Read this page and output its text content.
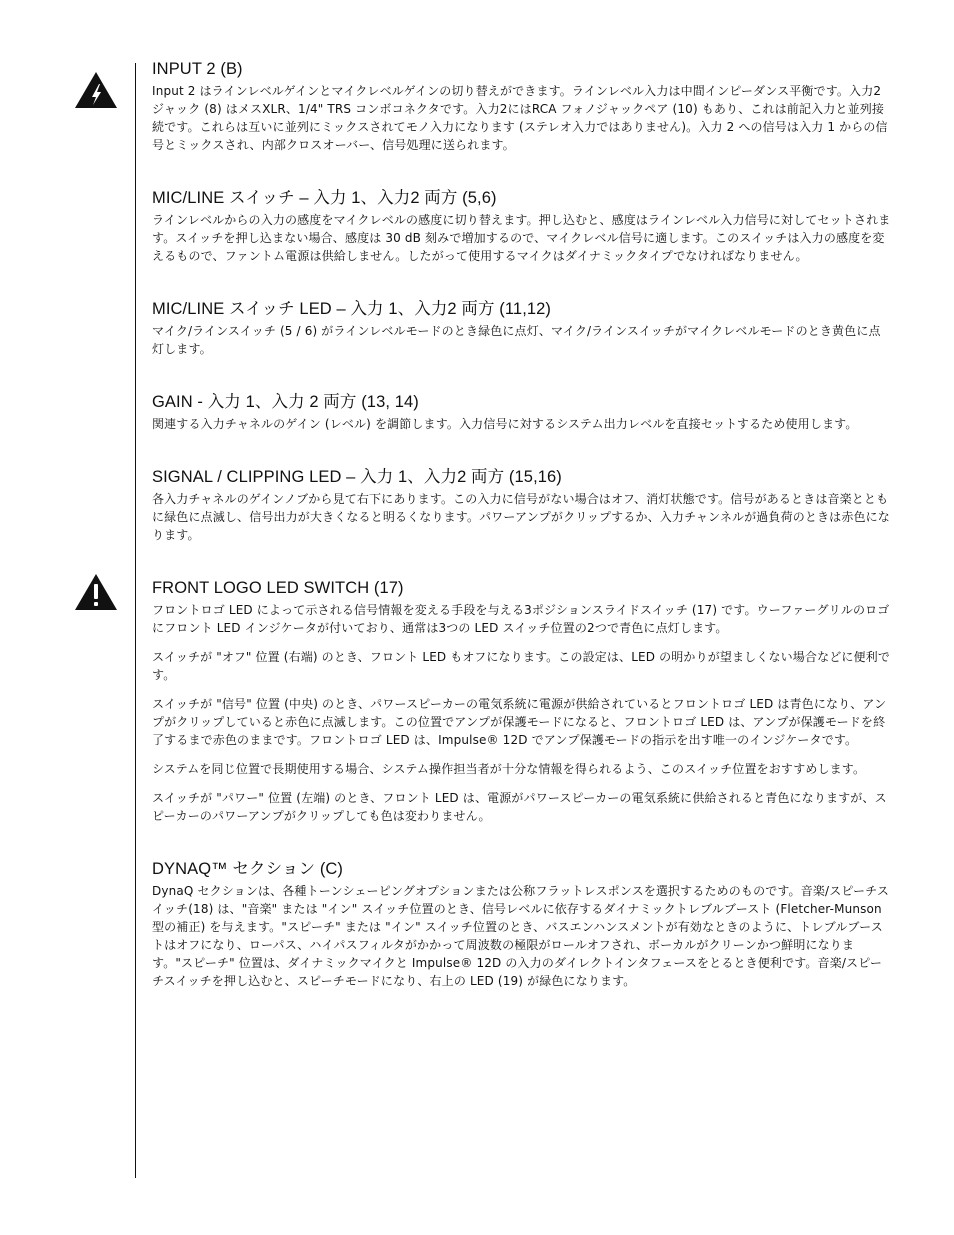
INPUT 2 (B)

Input 2 はラインレベルゲインとマイクレベルゲインの切り替えができます。ラインレベル入力は中間インピーダンス平衡です。入力2ジャック (8) はメスXLR、1/4" TRS コンボコネクタです。入力2にはRCA フォノジャックペア (10) もあり、これは前記入力と並列接続です。これらは互いに並列にミックスされてモノ入力になります (ステレオ入力ではありません)。入力 2 への信号は入力 1 からの信号とミックスされ、内部クロスオーバー、信号処理に送られます。

MIC/LINE スイッチ – 入力 1、入力2 両方 (5,6)

ラインレベルからの入力の感度をマイクレベルの感度に切り替えます。押し込むと、感度はラインレベル入力信号に対してセットされます。スイッチを押し込まない場合、感度は 30 dB 刻みで増加するので、マイクレベル信号に適します。このスイッチは入力の感度を変えるもので、ファントム電源は供給しません。したがって使用するマイクはダイナミックタイプでなければなりません。

MIC/LINE スイッチ LED – 入力 1、入力2 両方 (11,12)

マイク/ラインスイッチ (5 / 6) がラインレベルモードのとき緑色に点灯、マイク/ラインスイッチがマイクレベルモードのとき黄色に点灯します。

GAIN - 入力 1、入力 2 両方 (13, 14)

関連する入力チャネルのゲイン (レベル) を調節します。入力信号に対するシステム出力レベルを直接セットするため使用します。

SIGNAL / CLIPPING LED – 入力 1、入力2 両方 (15,16)

各入力チャネルのゲインノブから見て右下にあります。この入力に信号がない場合はオフ、消灯状態です。信号があるときは音楽とともに緑色に点滅し、信号出力が大きくなると明るくなります。パワーアンプがクリップするか、入力チャンネルが過負荷のときは赤色になります。

FRONT LOGO LED SWITCH (17)

フロントロゴ LED によって示される信号情報を変える手段を与える3ポジションスライドスイッチ (17) です。ウーファーグリルのロゴにフロント LED インジケータが付いており、通常は3つの LED スイッチ位置の2つで青色に点灯します。

スイッチが "オフ" 位置 (右端) のとき、フロント LED もオフになります。この設定は、LED の明かりが望ましくない場合などに便利です。

スイッチが "信号" 位置 (中央) のとき、パワースピーカーの電気系統に電源が供給されているとフロントロゴ LED は青色になり、アンプがクリップしていると赤色に点滅します。この位置でアンプが保護モードになると、フロントロゴ LED は、アンプが保護モードを終了するまで赤色のままです。フロントロゴ LED は、Impulse® 12D でアンプ保護モードの指示を出す唯一のインジケータです。

システムを同じ位置で長期使用する場合、システム操作担当者が十分な情報を得られるよう、このスイッチ位置をおすすめします。

スイッチが "パワー" 位置 (左端) のとき、フロント LED は、電源がパワースピーカーの電気系統に供給されると青色になりますが、スピーカーのパワーアンプがクリップしても色は変わりません。

DYNAQ™ セクション (C)

DynaQ セクションは、各種トーンシェーピングオプションまたは公称フラットレスポンスを選択するためのものです。音楽/スピーチスイッチ(18) は、"音楽" または "イン" スイッチ位置のとき、信号レベルに依存するダイナミックトレブルブースト (Fletcher-Munson 型の補正) を与えます。"スピーチ" または "イン" スイッチ位置のとき、バスエンハンスメントが有効なときのように、トレブルブーストはオフになり、ローパス、ハイパスフィルタがかかって周波数の極限がロールオフされ、ボーカルがクリーンかつ鮮明になります。"スピーチ" 位置は、ダイナミックマイクと Impulse® 12D の入力のダイレクトインタフェースをとるとき便利です。音楽/スピーチスイッチを押し込むと、スピーチモードになり、右上の LED (19) が緑色になります。
